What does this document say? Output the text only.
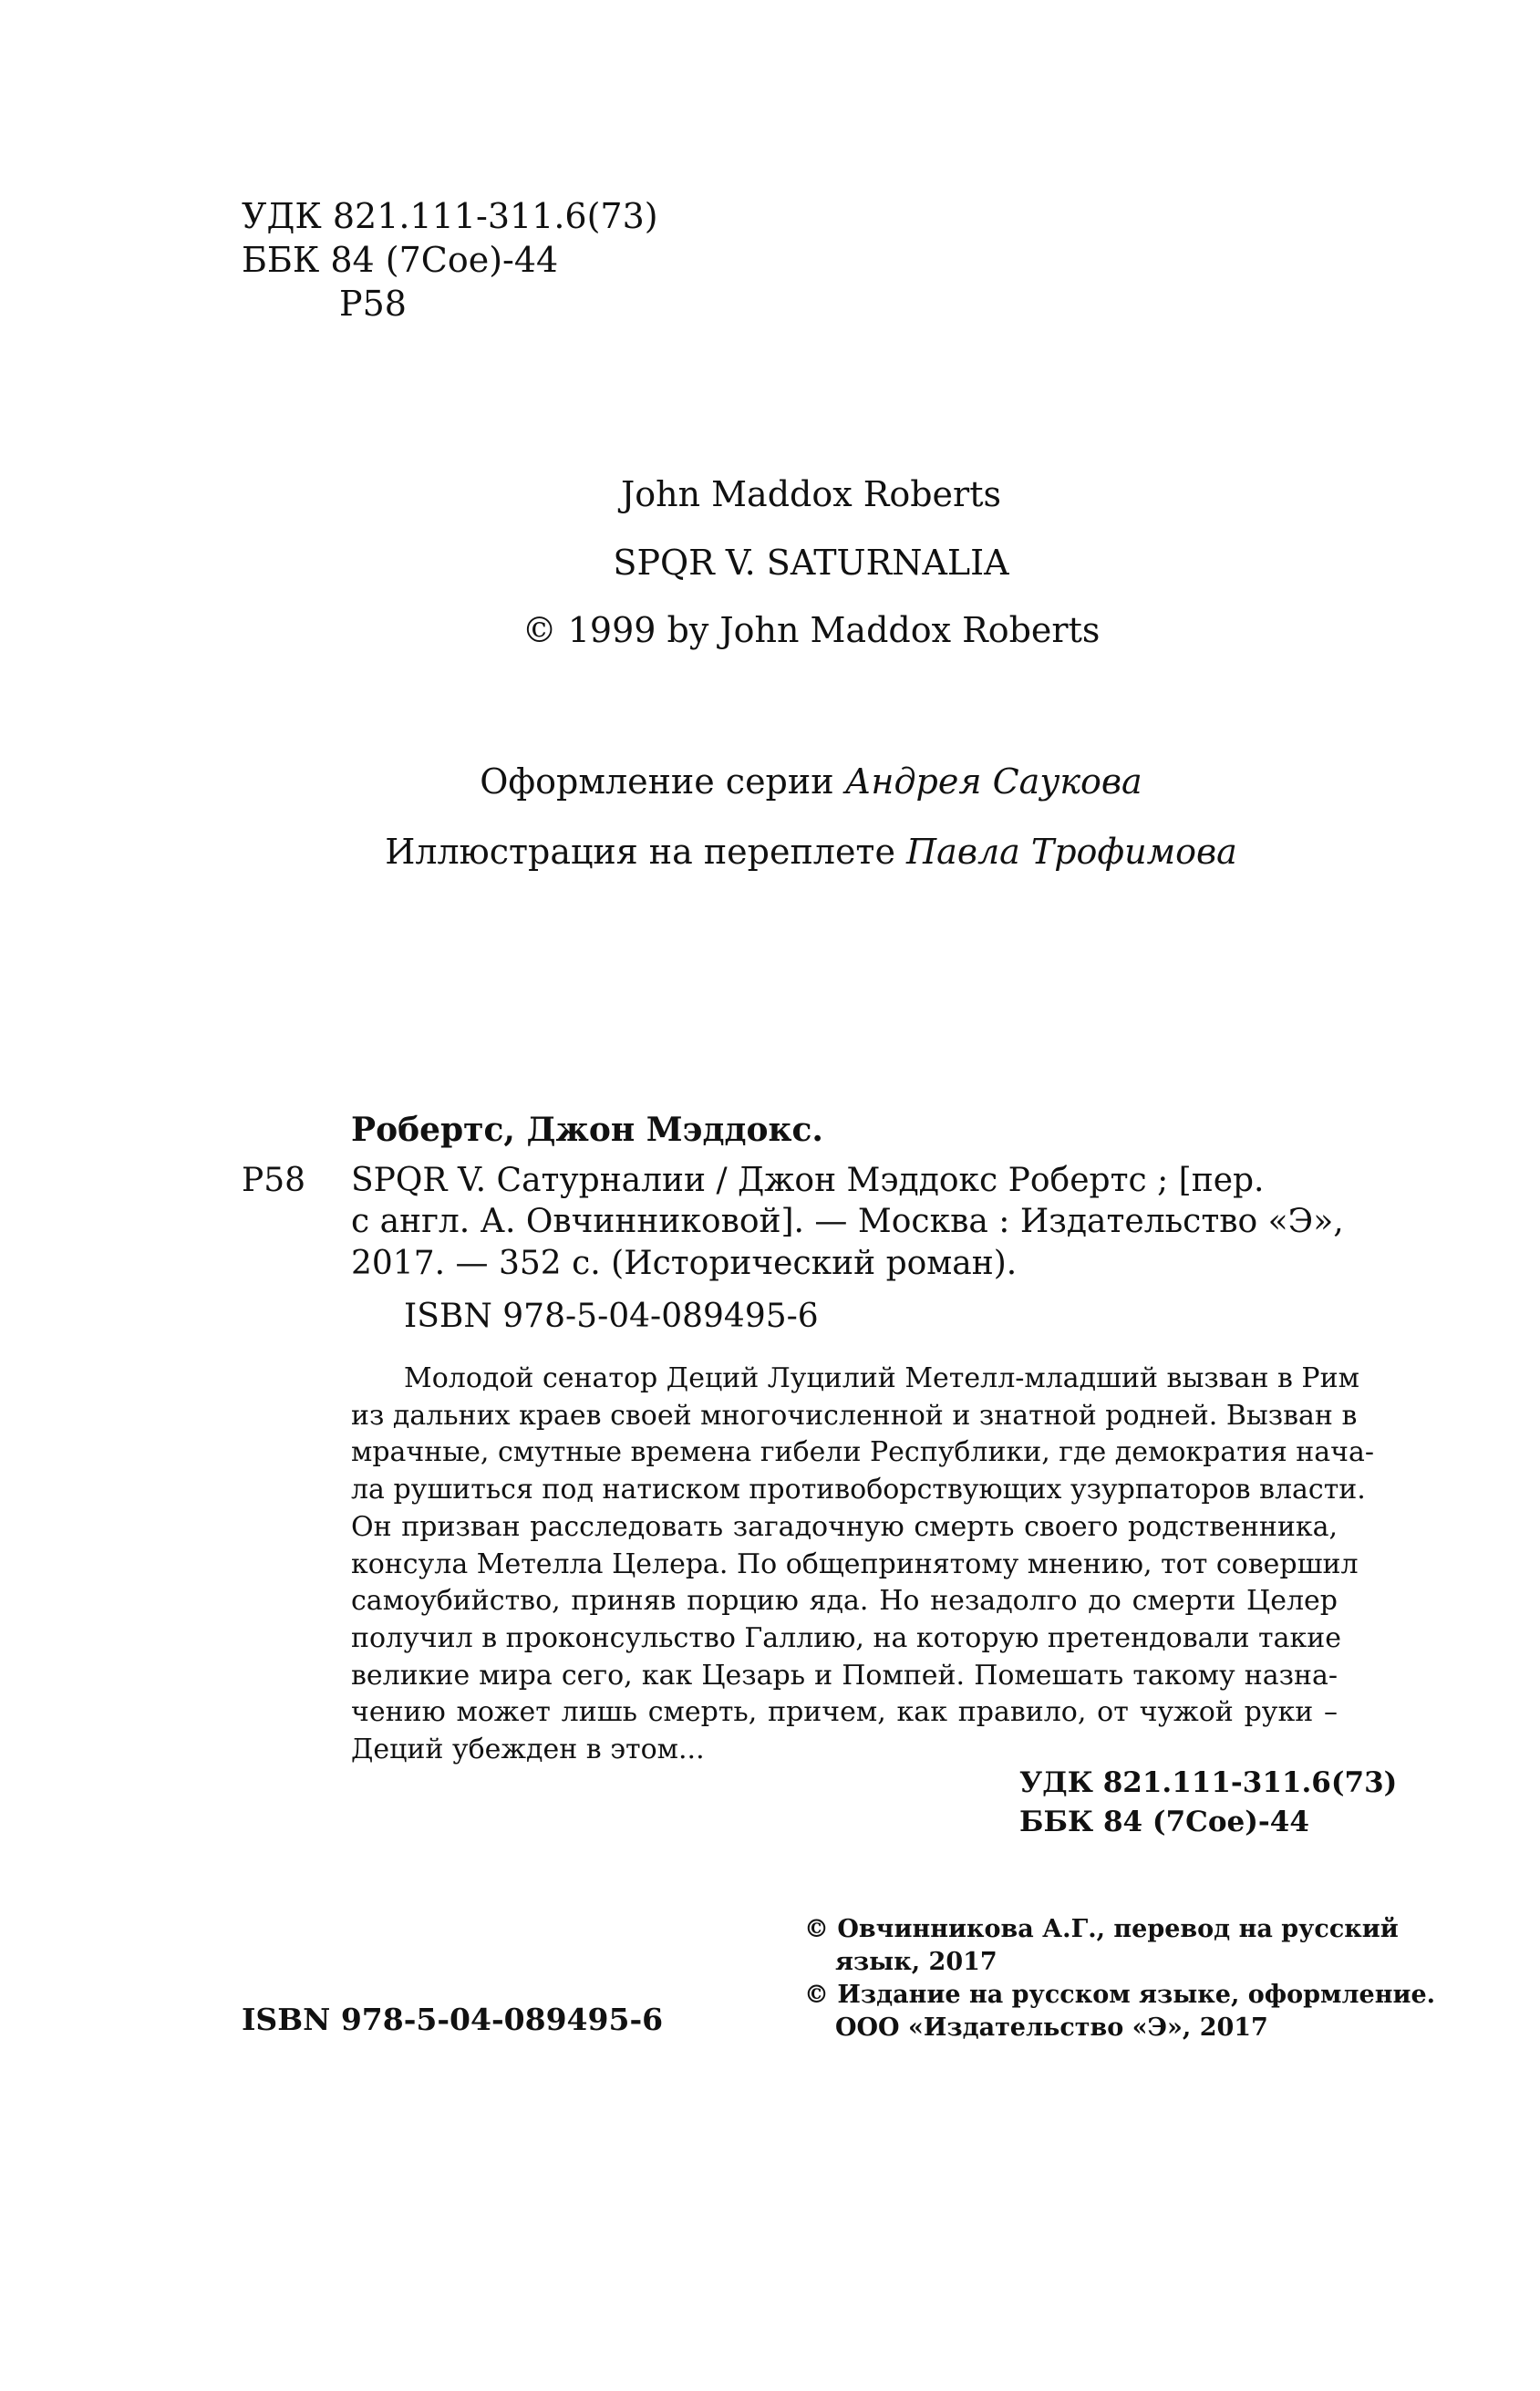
УДК 821.111-311.6(73)
ББК 84 (7Сое)-44
Р58
John Maddox Roberts
SPQR V. SATURNALIA
© 1999 by John Maddox Roberts
Оформление серии Андрея Саукова
Иллюстрация на переплете Павла Трофимова
Робертс, Джон Мэддокс.
Р58 SPQR V. Сатурналии / Джон Мэддокс Робертс ; [пер.
с англ. А. Овчинниковой]. — Москва : Издательство «Э»,
2017. — 352 с. (Исторический роман).
ISBN 978-5-04-089495-6
Молодой сенатор Деций Луцилий Метелл-младший вызван в Рим
из дальних краев своей многочисленной и знатной родней. Вызван в
мрачные, смутные времена гибели Республики, где демократия нача-
ла рушиться под натиском противоборствующих узурпаторов власти.
Он призван расследовать загадочную смерть своего родственника,
консула Метелла Целера. По общепринятому мнению, тот совершил
самоубийство, приняв порцию яда. Но незадолго до смерти Целер
получил в проконсульство Галлию, на которую претендовали такие
великие мира сего, как Цезарь и Помпей. Помешать такому назна-
чению может лишь смерть, причем, как правило, от чужой руки –
Деций убежден в этом...
УДК 821.111-311.6(73)
ББК 84 (7Сое)-44
ISBN 978-5-04-089495-6
© Овчинникова А.Г., перевод на русский
язык, 2017
© Издание на русском языке, оформление.
ООО «Издательство «Э», 2017
